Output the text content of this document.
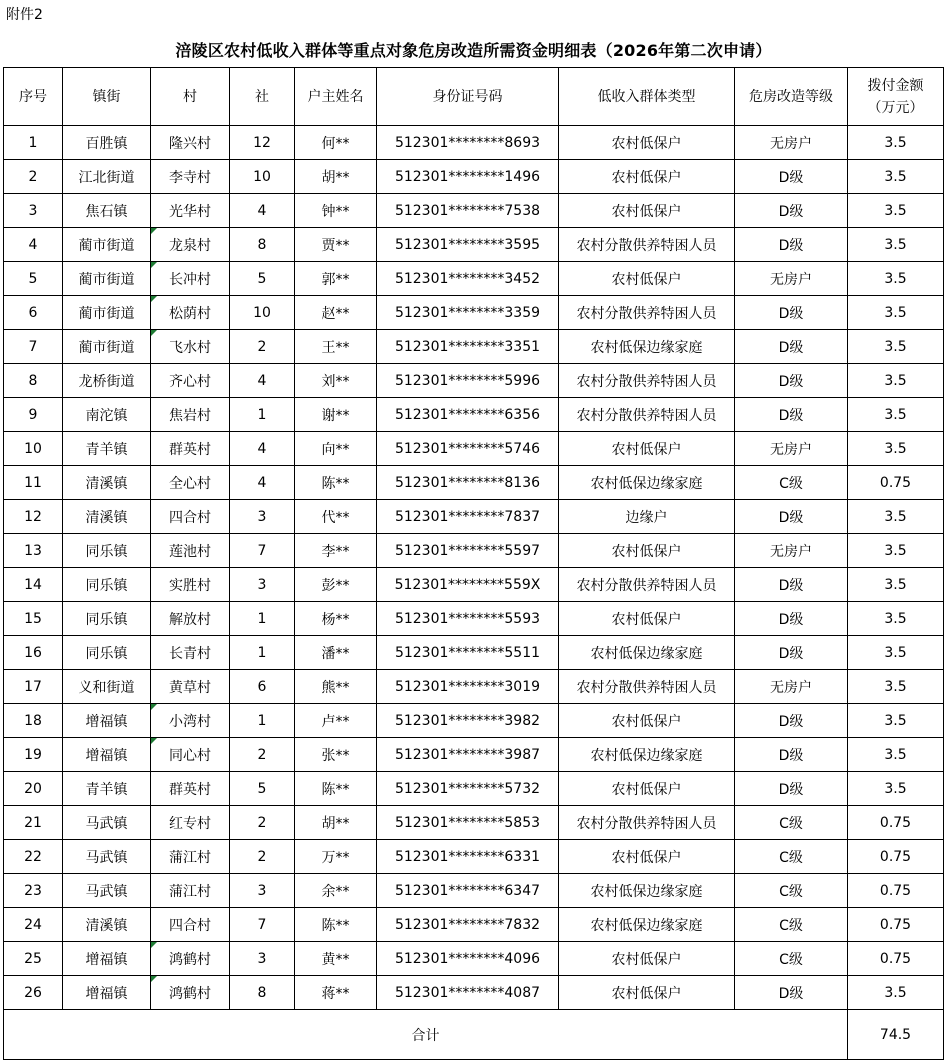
附件2
涪陵区农村低收入群体等重点对象危房改造所需资金明细表（2026年第二次申请）
序号	镇街	村	社	户主姓名	身份证号码	低收入群体类型	危房改造等级	拨付金额
（万元）
1	百胜镇	隆兴村	12	何**	512301********8693	农村低保户	无房户	3.5
2	江北街道	李寺村	10	胡**	512301********1496	农村低保户	D级	3.5
3	焦石镇	光华村	4	钟**	512301********7538	农村低保户	D级	3.5
4	蔺市街道	龙泉村	8	贾**	512301********3595	农村分散供养特困人员	D级	3.5
5	蔺市街道	长冲村	5	郭**	512301********3452	农村低保户	无房户	3.5
6	蔺市街道	松荫村	10	赵**	512301********3359	农村分散供养特困人员	D级	3.5
7	蔺市街道	飞水村	2	王**	512301********3351	农村低保边缘家庭	D级	3.5
8	龙桥街道	齐心村	4	刘**	512301********5996	农村分散供养特困人员	D级	3.5
9	南沱镇	焦岩村	1	谢**	512301********6356	农村分散供养特困人员	D级	3.5
10	青羊镇	群英村	4	向**	512301********5746	农村低保户	无房户	3.5
11	清溪镇	全心村	4	陈**	512301********8136	农村低保边缘家庭	C级	0.75
12	清溪镇	四合村	3	代**	512301********7837	边缘户	D级	3.5
13	同乐镇	莲池村	7	李**	512301********5597	农村低保户	无房户	3.5
14	同乐镇	实胜村	3	彭**	512301********559X	农村分散供养特困人员	D级	3.5
15	同乐镇	解放村	1	杨**	512301********5593	农村低保户	D级	3.5
16	同乐镇	长青村	1	潘**	512301********5511	农村低保边缘家庭	D级	3.5
17	义和街道	黄草村	6	熊**	512301********3019	农村分散供养特困人员	无房户	3.5
18	增福镇	小湾村	1	卢**	512301********3982	农村低保户	D级	3.5
19	增福镇	同心村	2	张**	512301********3987	农村低保边缘家庭	D级	3.5
20	青羊镇	群英村	5	陈**	512301********5732	农村低保户	D级	3.5
21	马武镇	红专村	2	胡**	512301********5853	农村分散供养特困人员	C级	0.75
22	马武镇	蒲江村	2	万**	512301********6331	农村低保户	C级	0.75
23	马武镇	蒲江村	3	余**	512301********6347	农村低保边缘家庭	C级	0.75
24	清溪镇	四合村	7	陈**	512301********7832	农村低保边缘家庭	C级	0.75
25	增福镇	鸿鹤村	3	黄**	512301********4096	农村低保户	C级	0.75
26	增福镇	鸿鹤村	8	蒋**	512301********4087	农村低保户	D级	3.5
合计								74.5
